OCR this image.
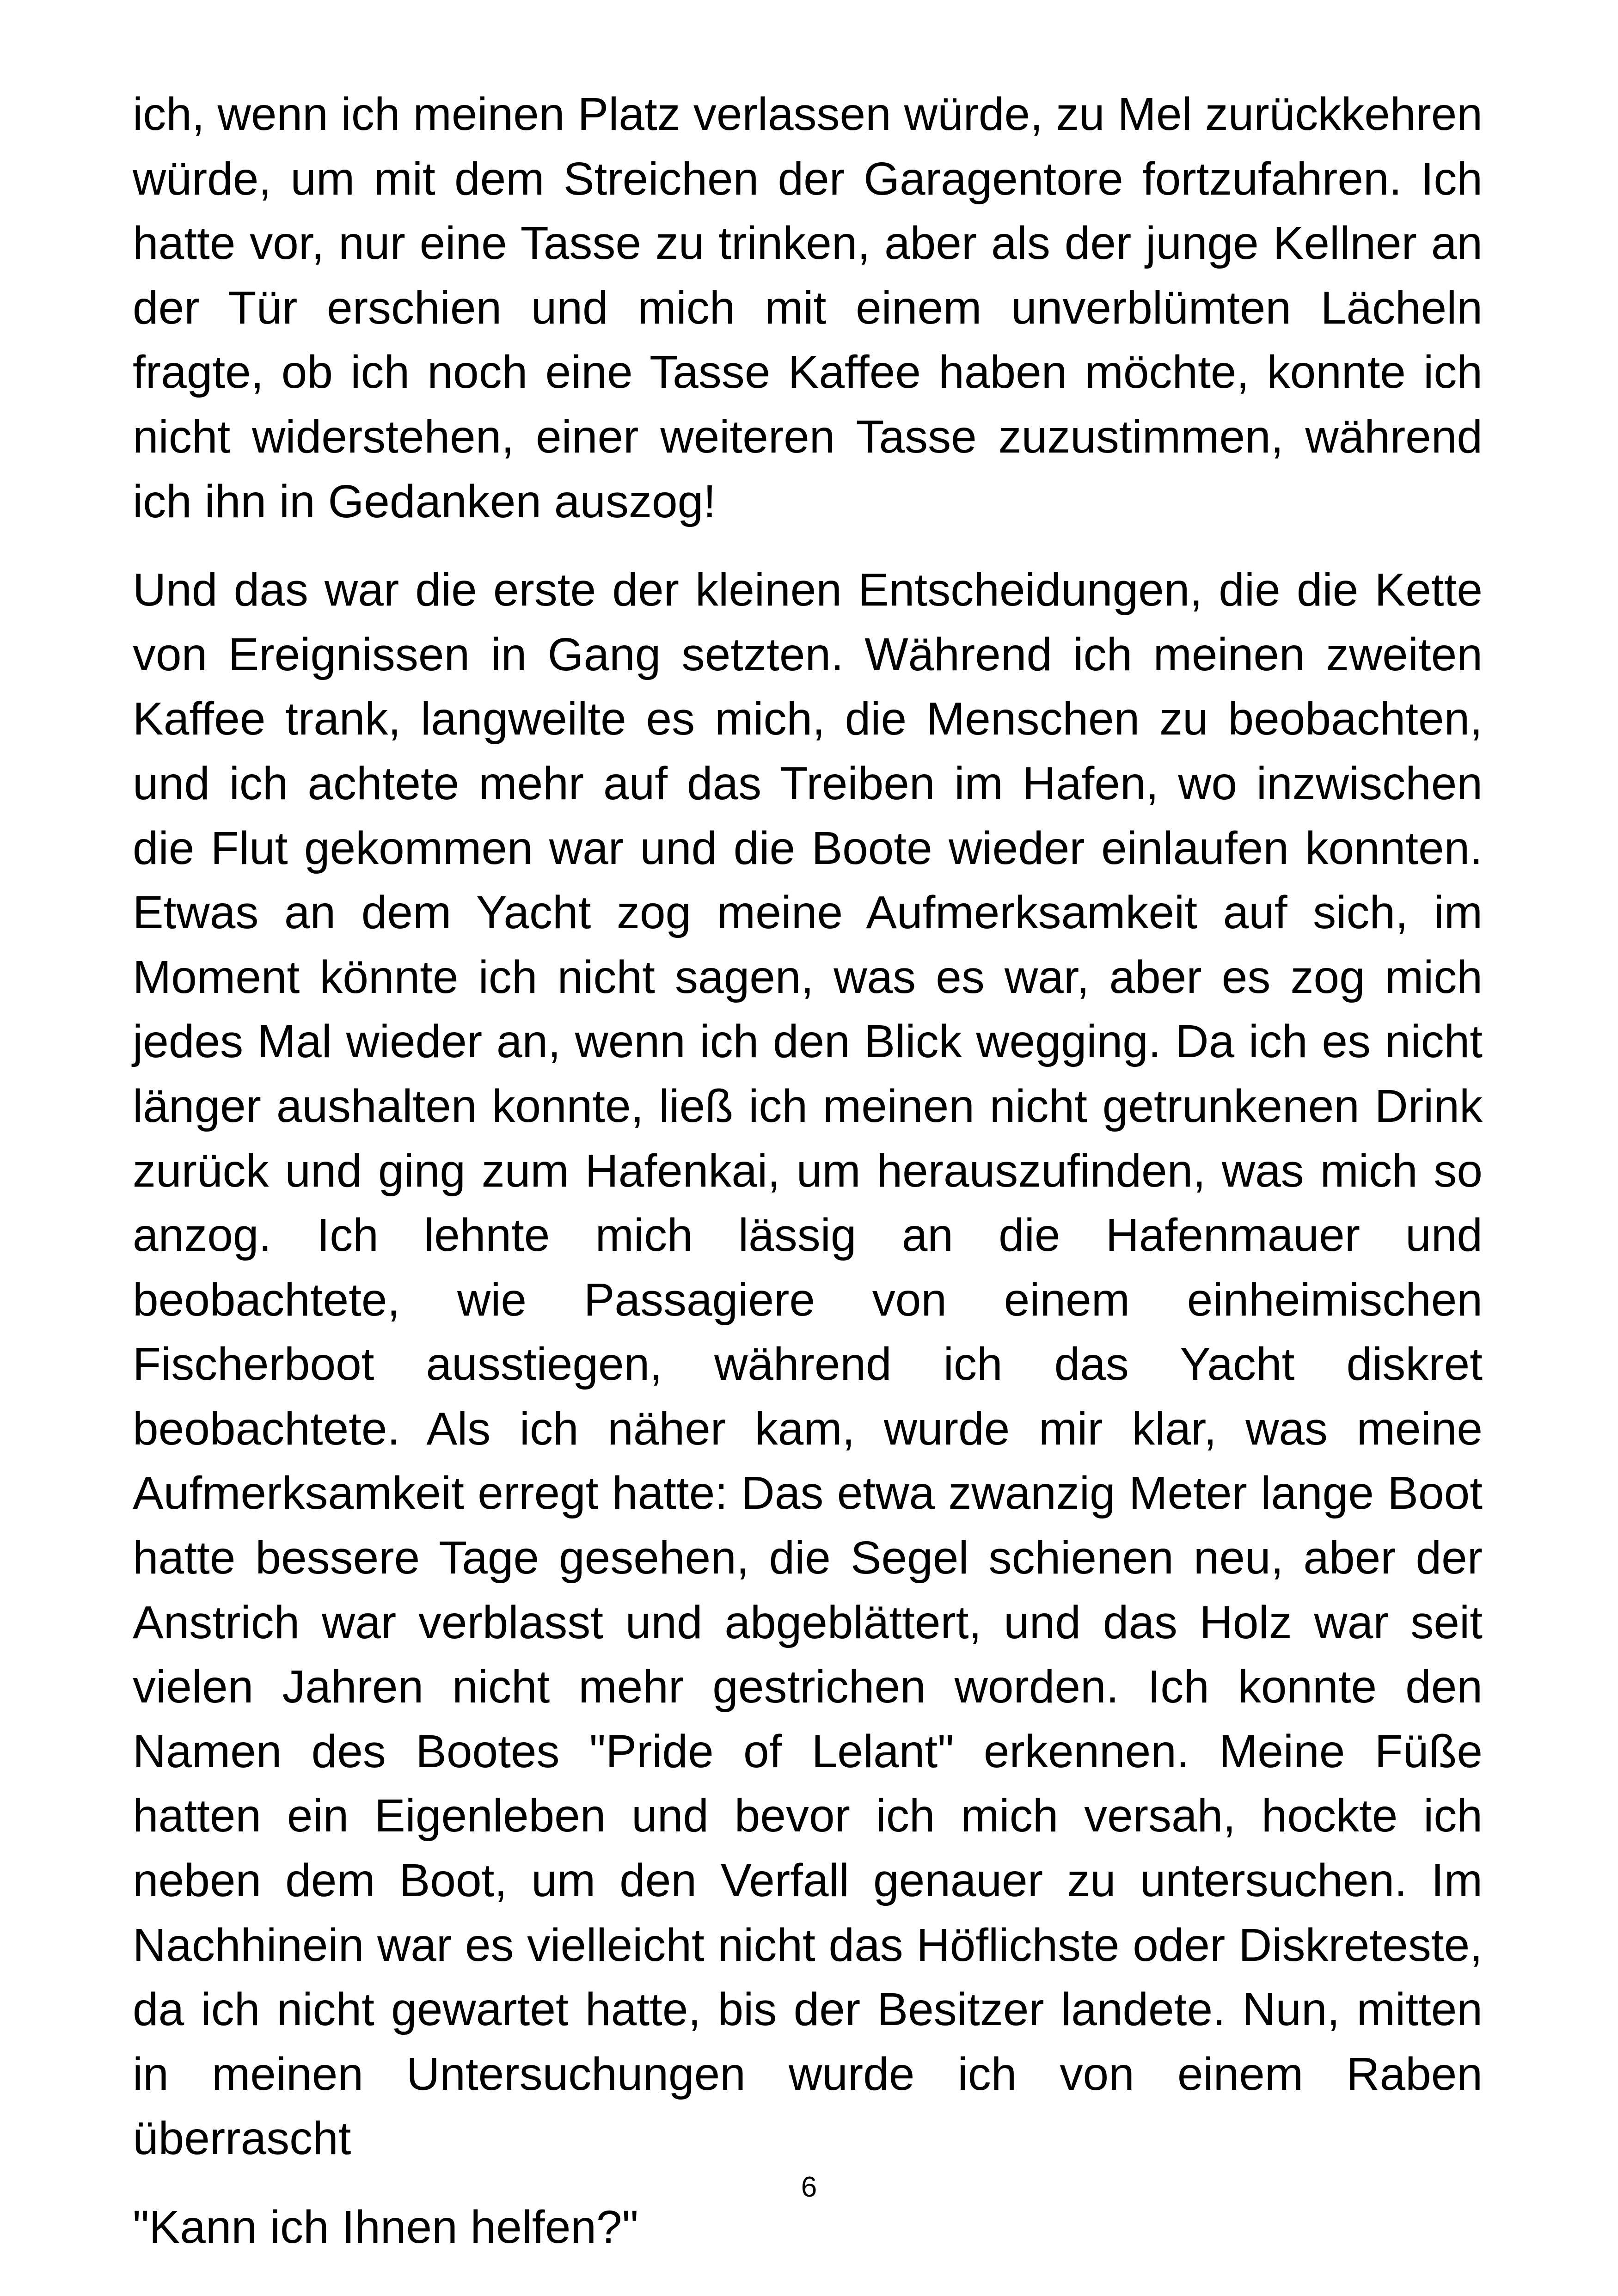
ich, wenn ich meinen Platz verlassen würde, zu Mel zurückkehren würde, um mit dem Streichen der Garagentore fortzufahren. Ich hatte vor, nur eine Tasse zu trinken, aber als der junge Kellner an der Tür erschien und mich mit einem unverblümten Lächeln fragte, ob ich noch eine Tasse Kaffee haben möchte, konnte ich nicht widerstehen, einer weiteren Tasse zuzustimmen, während ich ihn in Gedanken auszog!

Und das war die erste der kleinen Entscheidungen, die die Kette von Ereignissen in Gang setzten. Während ich meinen zweiten Kaffee trank, langweilte es mich, die Menschen zu beobachten, und ich achtete mehr auf das Treiben im Hafen, wo inzwischen die Flut gekommen war und die Boote wieder einlaufen konnten. Etwas an dem Yacht zog meine Aufmerksamkeit auf sich, im Moment könnte ich nicht sagen, was es war, aber es zog mich jedes Mal wieder an, wenn ich den Blick wegging. Da ich es nicht länger aushalten konnte, ließ ich meinen nicht getrunkenen Drink zurück und ging zum Hafenkai, um herauszufinden, was mich so anzog. Ich lehnte mich lässig an die Hafenmauer und beobachtete, wie Passagiere von einem einheimischen Fischerboot ausstiegen, während ich das Yacht diskret beobachtete. Als ich näher kam, wurde mir klar, was meine Aufmerksamkeit erregt hatte: Das etwa zwanzig Meter lange Boot hatte bessere Tage gesehen, die Segel schienen neu, aber der Anstrich war verblasst und abgeblättert, und das Holz war seit vielen Jahren nicht mehr gestrichen worden. Ich konnte den Namen des Bootes "Pride of Lelant" erkennen. Meine Füße hatten ein Eigenleben und bevor ich mich versah, hockte ich neben dem Boot, um den Verfall genauer zu untersuchen. Im Nachhinein war es vielleicht nicht das Höflichste oder Diskreteste, da ich nicht gewartet hatte, bis der Besitzer landete. Nun, mitten in meinen Untersuchungen wurde ich von einem Raben überrascht

"Kann ich Ihnen helfen?"

6
